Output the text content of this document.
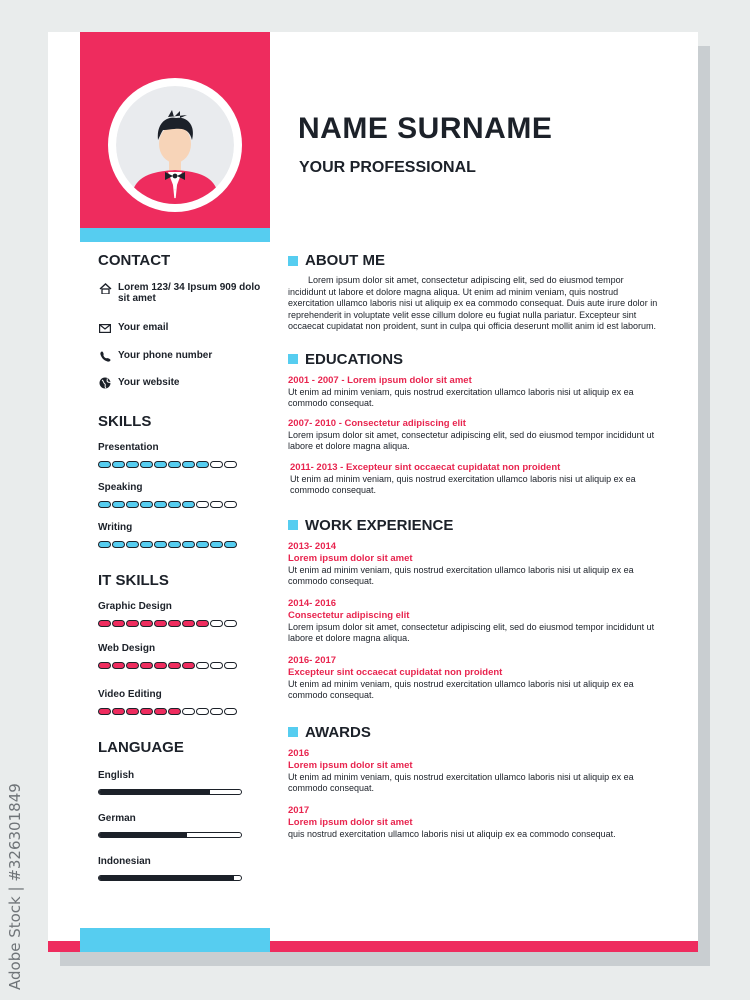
Adobe Stock | #326301849
NAME SURNAME
YOUR PROFESSIONAL
CONTACT
Lorem 123/ 34 Ipsum 909 dolo sit amet
Your email
Your phone number
Your website
SKILLS
Presentation
Speaking
Writing
IT SKILLS
Graphic Design
Web Design
Video Editing
LANGUAGE
English
German
Indonesian
ABOUT ME
Lorem ipsum dolor sit amet, consectetur adipiscing elit, sed do eiusmod tempor incididunt ut labore et dolore magna aliqua. Ut enim ad minim veniam, quis nostrud exercitation ullamco laboris nisi ut aliquip ex ea commodo consequat. Duis aute irure dolor in reprehenderit in voluptate velit esse cillum dolore eu fugiat nulla pariatur. Excepteur sint occaecat cupidatat non proident, sunt in culpa qui officia deserunt mollit anim id est laborum.
EDUCATIONS
2001 - 2007 - Lorem ipsum dolor sit amet
Ut enim ad minim veniam, quis nostrud exercitation ullamco laboris nisi ut aliquip ex ea commodo consequat.
2007- 2010 - Consectetur adipiscing elit
Lorem ipsum dolor sit amet, consectetur adipiscing elit, sed do eiusmod tempor incididunt ut labore et dolore magna aliqua.
2011- 2013 - Excepteur sint occaecat cupidatat non proident
Ut enim ad minim veniam, quis nostrud exercitation ullamco laboris nisi ut aliquip ex ea commodo consequat.
WORK EXPERIENCE
2013- 2014
Lorem ipsum dolor sit amet
Ut enim ad minim veniam, quis nostrud exercitation ullamco laboris nisi ut aliquip ex ea commodo consequat.
2014- 2016
Consectetur adipiscing elit
Lorem ipsum dolor sit amet, consectetur adipiscing elit, sed do eiusmod tempor incididunt ut labore et dolore magna aliqua.
2016- 2017
Excepteur sint occaecat cupidatat non proident
Ut enim ad minim veniam, quis nostrud exercitation ullamco laboris nisi ut aliquip ex ea commodo consequat.
AWARDS
2016
Lorem ipsum dolor sit amet
Ut enim ad minim veniam, quis nostrud exercitation ullamco laboris nisi ut aliquip ex ea commodo consequat.
2017
Lorem ipsum dolor sit amet
quis nostrud exercitation ullamco laboris nisi ut aliquip ex ea commodo consequat.
